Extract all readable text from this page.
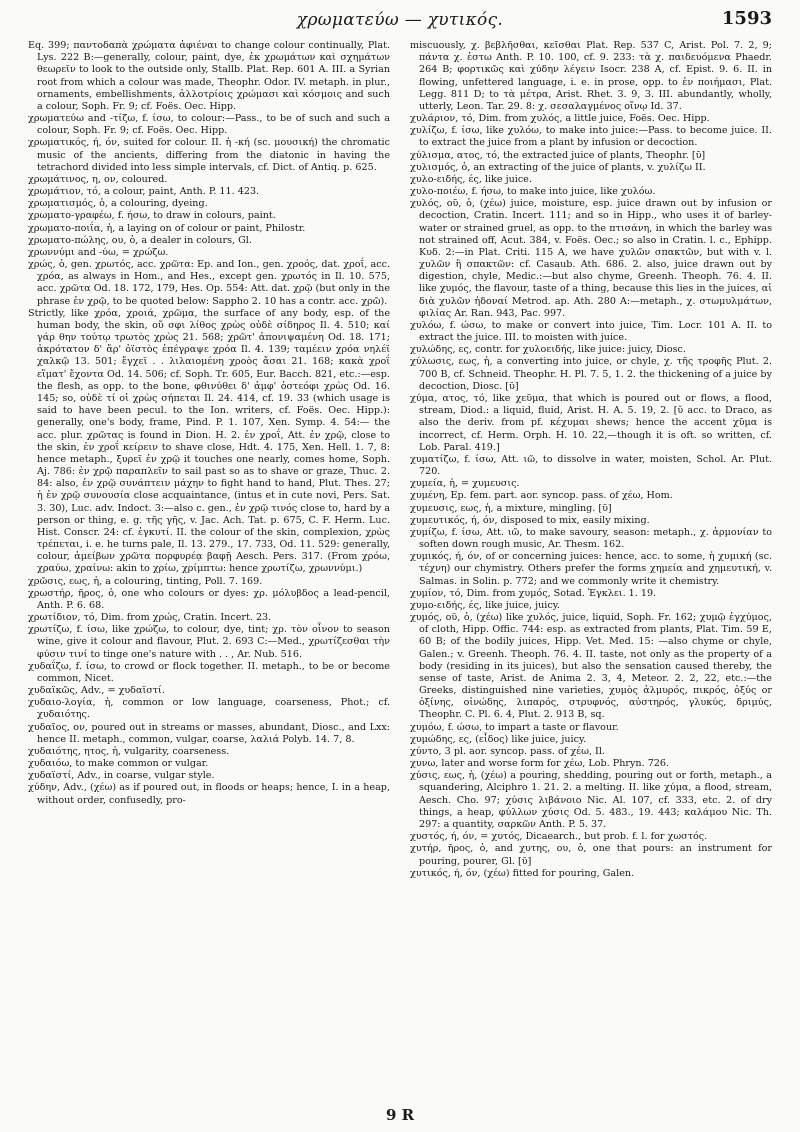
χρωματεύω — χυτικός.	1593

Eq. 399; παντοδαπὰ χρώματα ἀφιέναι to change colour continually, Plat. Lys. 222 B:—generally, colour, paint, dye, ἐκ χρωμάτων καὶ σχημάτων θεωρεῖν to look to the outside only, Stallb. Plat. Rep. 601 A. III. a Syrian root from which a colour was made, Theophr. Odor. IV. metaph. in plur., ornaments, embellishments, ἀλλοτρίοις χρώμασι καὶ κόσμοις and such a colour, Soph. Fr. 9; cf. Foës. Oec. Hipp.

χρωματεύω and -τίζω, f. ίσω, to colour:—Pass., to be of such and such a colour, Soph. Fr. 9; cf. Foës. Oec. Hipp.

χρωματικός, ή, όν, suited for colour. II. ἡ -κή (sc. μουσική) the chromatic music of the ancients, differing from the diatonic in having the tetrachord divided into less simple intervals, cf. Dict. of Antiq. p. 625.

χρωμάτινος, η, ον, coloured.

χρωμάτιον, τό, a colour, paint, Anth. P. 11. 423.

χρωματισμός, ὁ, a colouring, dyeing.

χρωματο-γραφέω, f. ήσω, to draw in colours, paint.

χρωματο-ποιΐα, ἡ, a laying on of colour or paint, Philostr.

χρωματο-πώλης, ου, ὁ, a dealer in colours, Gl.

χρωννύμι and -ύω, = χρώζω.

χρώς, ὁ, gen. χρωτός, acc. χρῶτα: Ep. and Ion., gen. χροός, dat. χροΐ, acc. χρόα, as always in Hom., and Hes., except gen. χρωτός in Il. 10. 575, acc. χρῶτα Od. 18. 172, 179, Hes. Op. 554: Att. dat. χρῷ (but only in the phrase ἐν χρῷ, to be quoted below: Sappho 2. 10 has a contr. acc. χρῶ).

Strictly, like χρόα, χροιά, χρῶμα, the surface of any body, esp. of the human body, the skin, οὔ σφι λίθος χρὼς οὐδὲ σίδηρος Il. 4. 510; καί γάρ θην τούτῳ τρωτὸς χρὼς 21. 568; χρῶτ' ἀπονιψαμένη Od. 18. 171; ἀκρότατον δ' ἄρ' ὀϊστὸς ἐπέγραψε χρόα Il. 4. 139; ταμέειν χρόα νηλέϊ χαλκῷ 13. 501; ἔγχεϊ . . λιλαιομένη χροὸς ἄσαι 21. 168; κακὰ χροΐ εἵματ' ἔχοντα Od. 14. 506; cf. Soph. Tr. 605, Eur. Bacch. 821, etc.:—esp. the flesh, as opp. to the bone, φθινύθει δ' ἀμφ' ὀστεόφι χρὼς Od. 16. 145; so, οὐδὲ τί οἱ χρὼς σήπεται Il. 24. 414, cf. 19. 33 (which usage is said to have been pecul. to the Ion. writers, cf. Foës. Oec. Hipp.): generally, one's body, frame, Pind. P. 1. 107, Xen. Symp. 4. 54:— the acc. plur. χρῶτας is found in Dion. H. 2. ἐν χροΐ, Att. ἐν χρῷ, close to the skin, ἐν χροΐ κείρειν to shave close, Hdt. 4. 175, Xen. Hell. 1. 7, 8: hence metaph., ξυρεῖ ἐν χρῷ it touches one nearly, comes home, Soph. Aj. 786: ἐν χρῷ παραπλεῖν to sail past so as to shave or graze, Thuc. 2. 84: also, ἐν χρῷ συνάπτειν μάχην to fight hand to hand, Plut. Thes. 27; ἡ ἐν χρῷ συνουσία close acquaintance, (intus et in cute novi, Pers. Sat. 3. 30), Luc. adv. Indoct. 3:—also c. gen., ἐν χρῷ τινός close to, hard by a person or thing, e. g. τῆς γῆς, v. Jac. Ach. Tat. p. 675, C. F. Herm. Luc. Hist. Conscr. 24: cf. ἐγκυτί. II. the colour of the skin, complexion, χρὼς τρέπεται, i. e. he turns pale, Il. 13. 279., 17. 733, Od. 11. 529: generally, colour, ἀμείβων χρῶτα πορφυρέᾳ βαφῇ Aesch. Pers. 317. (From χρόω, χραύω, χραίνω: akin to χρίω, χρίμπτω: hence χρωτίζω, χρωννύμι.)

χρῶσις, εως, ἡ, a colouring, tinting, Poll. 7. 169.

χρωστήρ, ῆρος, ὁ, one who colours or dyes: χρ. μόλυβδος a lead-pencil, Anth. P. 6. 68.

χρωτίδιον, τό, Dim. from χρώς, Cratin. Incert. 23.

χρωτίζω, f. ίσω, like χρώζω, to colour, dye, tint; χρ. τὸν οἶνον to season wine, give it colour and flavour, Plut. 2. 693 C:—Med., χρωτίζεσθαι τὴν φύσιν τινί to tinge one's nature with . . , Ar. Nub. 516.

χυδαΐζω, f. ίσω, to crowd or flock together. II. metaph., to be or become common, Nicet.

χυδαϊκῶς, Adv., = χυδαϊστί.

χυδαιο-λογία, ἡ, common or low language, coarseness, Phot.; cf. χυδαιότης.

χυδαῖος, ον, poured out in streams or masses, abundant, Diosc., and Lxx: hence II. metaph., common, vulgar, coarse, λαλιά Polyb. 14. 7, 8.

χυδαιότης, ητος, ἡ, vulgarity, coarseness.

χυδαιόω, to make common or vulgar.

χυδαϊστί, Adv., in coarse, vulgar style.

χύδην, Adv., (χέω) as if poured out, in floods or heaps; hence, I. in a heap, without order, confusedly, pro-

miscuously, χ. βεβλῆσθαι, κεῖσθαι Plat. Rep. 537 C, Arist. Pol. 7. 2, 9; πάντα χ. ἐστω Anth. P. 10. 100, cf. 9. 233: τὰ χ. παιδευόμενα Phaedr. 264 B; φορτικῶς καὶ χύδην λέγειν Isocr. 238 A, cf. Epist. 9. 6. II. in flowing, unfettered language, i. e. in prose, opp. to ἐν ποιήμασι, Plat. Legg. 811 D; to τὰ μέτρα, Arist. Rhet. 3. 9, 3. III. abundantly, wholly, utterly, Leon. Tar. 29. 8: χ. σεσαλαγμένος οἴνῳ Id. 37.

χυλάριον, τό, Dim. from χυλός, a little juice, Foës. Oec. Hipp.

χυλίζω, f. ίσω, like χυλόω, to make into juice:—Pass. to become juice. II. to extract the juice from a plant by infusion or decoction.

χύλισμα, ατος, τό, the extracted juice of plants, Theophr. [ῡ]

χυλισμός, ὁ, an extracting of the juice of plants, v. χυλίζω II.

χυλο-ειδής, ές, like juice.

χυλο-ποιέω, f. ήσω, to make into juice, like χυλόω.

χυλός, οῦ, ὁ, (χέω) juice, moisture, esp. juice drawn out by infusion or decoction, Cratin. Incert. 111; and so in Hipp., who uses it of barley-water or strained gruel, as opp. to the πτισάνη, in which the barley was not strained off, Acut. 384, v. Foës. Oec.; so also in Cratin. l. c., Ephipp. Κυδ. 2:—in Plat. Criti. 115 A, we have χυλῶν σπακτῶν, but with v. l. χυλῶν ἢ σπακτῶν: cf. Casaub. Ath. 686. 2. also, juice drawn out by digestion, chyle, Medic.:—but also chyme, Greenh. Theoph. 76. 4. II. like χυμός, the flavour, taste of a thing, because this lies in the juices, αἱ διὰ χυλῶν ἡδοναί Metrod. ap. Ath. 280 A:—metaph., χ. στωμυλμάτων, φιλίας Ar. Ran. 943, Pac. 997.

χυλόω, f. ώσω, to make or convert into juice, Tim. Locr. 101 A. II. to extract the juice. III. to moisten with juice.

χυλώδης, ες, contr. for χυλοειδής, like juice: juicy, Diosc.

χύλωσις, εως, ἡ, a converting into juice, or chyle, χ. τῆς τροφῆς Plut. 2. 700 B, cf. Schneid. Theophr. H. Pl. 7. 5, 1. 2. the thickening of a juice by decoction, Diosc. [ῡ]

χύμα, ατος, τό, like χεῦμα, that which is poured out or flows, a flood, stream, Diod.: a liquid, fluid, Arist. H. A. 5. 19, 2. [ῠ acc. to Draco, as also the deriv. from pf. κέχυμαι shews; hence the accent χῦμα is incorrect, cf. Herm. Orph. H. 10. 22,—though it is oft. so written, cf. Lob. Paral. 419.]

χυματίζω, f. ίσω, Att. ιῶ, to dissolve in water, moisten, Schol. Ar. Plut. 720.

χυμεία, ἡ, = χυμευσις.

χυμένη, Ep. fem. part. aor. syncop. pass. of χέω, Hom.

χυμευσις, εως, ἡ, a mixture, mingling. [ῡ]

χυμευτικός, ή, όν, disposed to mix, easily mixing.

χυμίζω, f. ίσω, Att. ιῶ, to make savoury, season: metaph., χ. ἁρμονίαν to soften down rough music, Ar. Thesm. 162.

χυμικός, ή, όν, of or concerning juices: hence, acc. to some, ἡ χυμική (sc. τέχνη) our chymistry. Others prefer the forms χημεία and χημευτική, v. Salmas. in Solin. p. 772; and we commonly write it chemistry.

χυμίον, τό, Dim. from χυμός, Sotad. Ἐγκλει. 1. 19.

χυμο-ειδής, ές, like juice, juicy.

χυμός, οῦ, ὁ, (χέω) like χυλός, juice, liquid, Soph. Fr. 162; χυμῷ ἐγχύμος, of cloth, Hipp. Offic. 744: esp. as extracted from plants, Plat. Tim. 59 E, 60 B; of the bodily juices, Hipp. Vet. Med. 15: —also chyme or chyle, Galen.; v. Greenh. Theoph. 76. 4. II. taste, not only as the property of a body (residing in its juices), but also the sensation caused thereby, the sense of taste, Arist. de Anima 2. 3, 4, Meteor. 2. 2, 22, etc.:—the Greeks, distinguished nine varieties, χυμὸς ἁλμυρός, πικρός, ὀξύς or ὀξίνης, οἰνώδης, λιπαρός, στρυφνός, αὐστηρός, γλυκύς, δριμύς, Theophr. C. Pl. 6. 4, Plut. 2. 913 B, sq.

χυμόω, f. ώσω, to impart a taste or flavour.

χυμώδης, ες, (εἶδος) like juice, juicy.

χύντο, 3 pl. aor. syncop. pass. of χέω, Il.

χυνω, later and worse form for χέω, Lob. Phryn. 726.

χύσις, εως, ἡ, (χέω) a pouring, shedding, pouring out or forth, metaph., a squandering, Alciphro 1. 21. 2. a melting. II. like χύμα, a flood, stream, Aesch. Cho. 97; χύσις λιβάνοιο Nic. Al. 107, cf. 333, etc. 2. of dry things, a heap, φύλλων χύσις Od. 5. 483., 19. 443; καλάμου Nic. Th. 297: a quantity, σαρκῶν Anth. P. 5. 37.

χυστός, ή, όν, = χυτός, Dicaearch., but prob. f. l. for χωστός.

χυτήρ, ῆρος, ὁ, and χυτης, ου, ὁ, one that pours: an instrument for pouring, pourer, Gl. [ῡ]

χυτικός, ή, όν, (χέω) fitted for pouring, Galen.

9 R
